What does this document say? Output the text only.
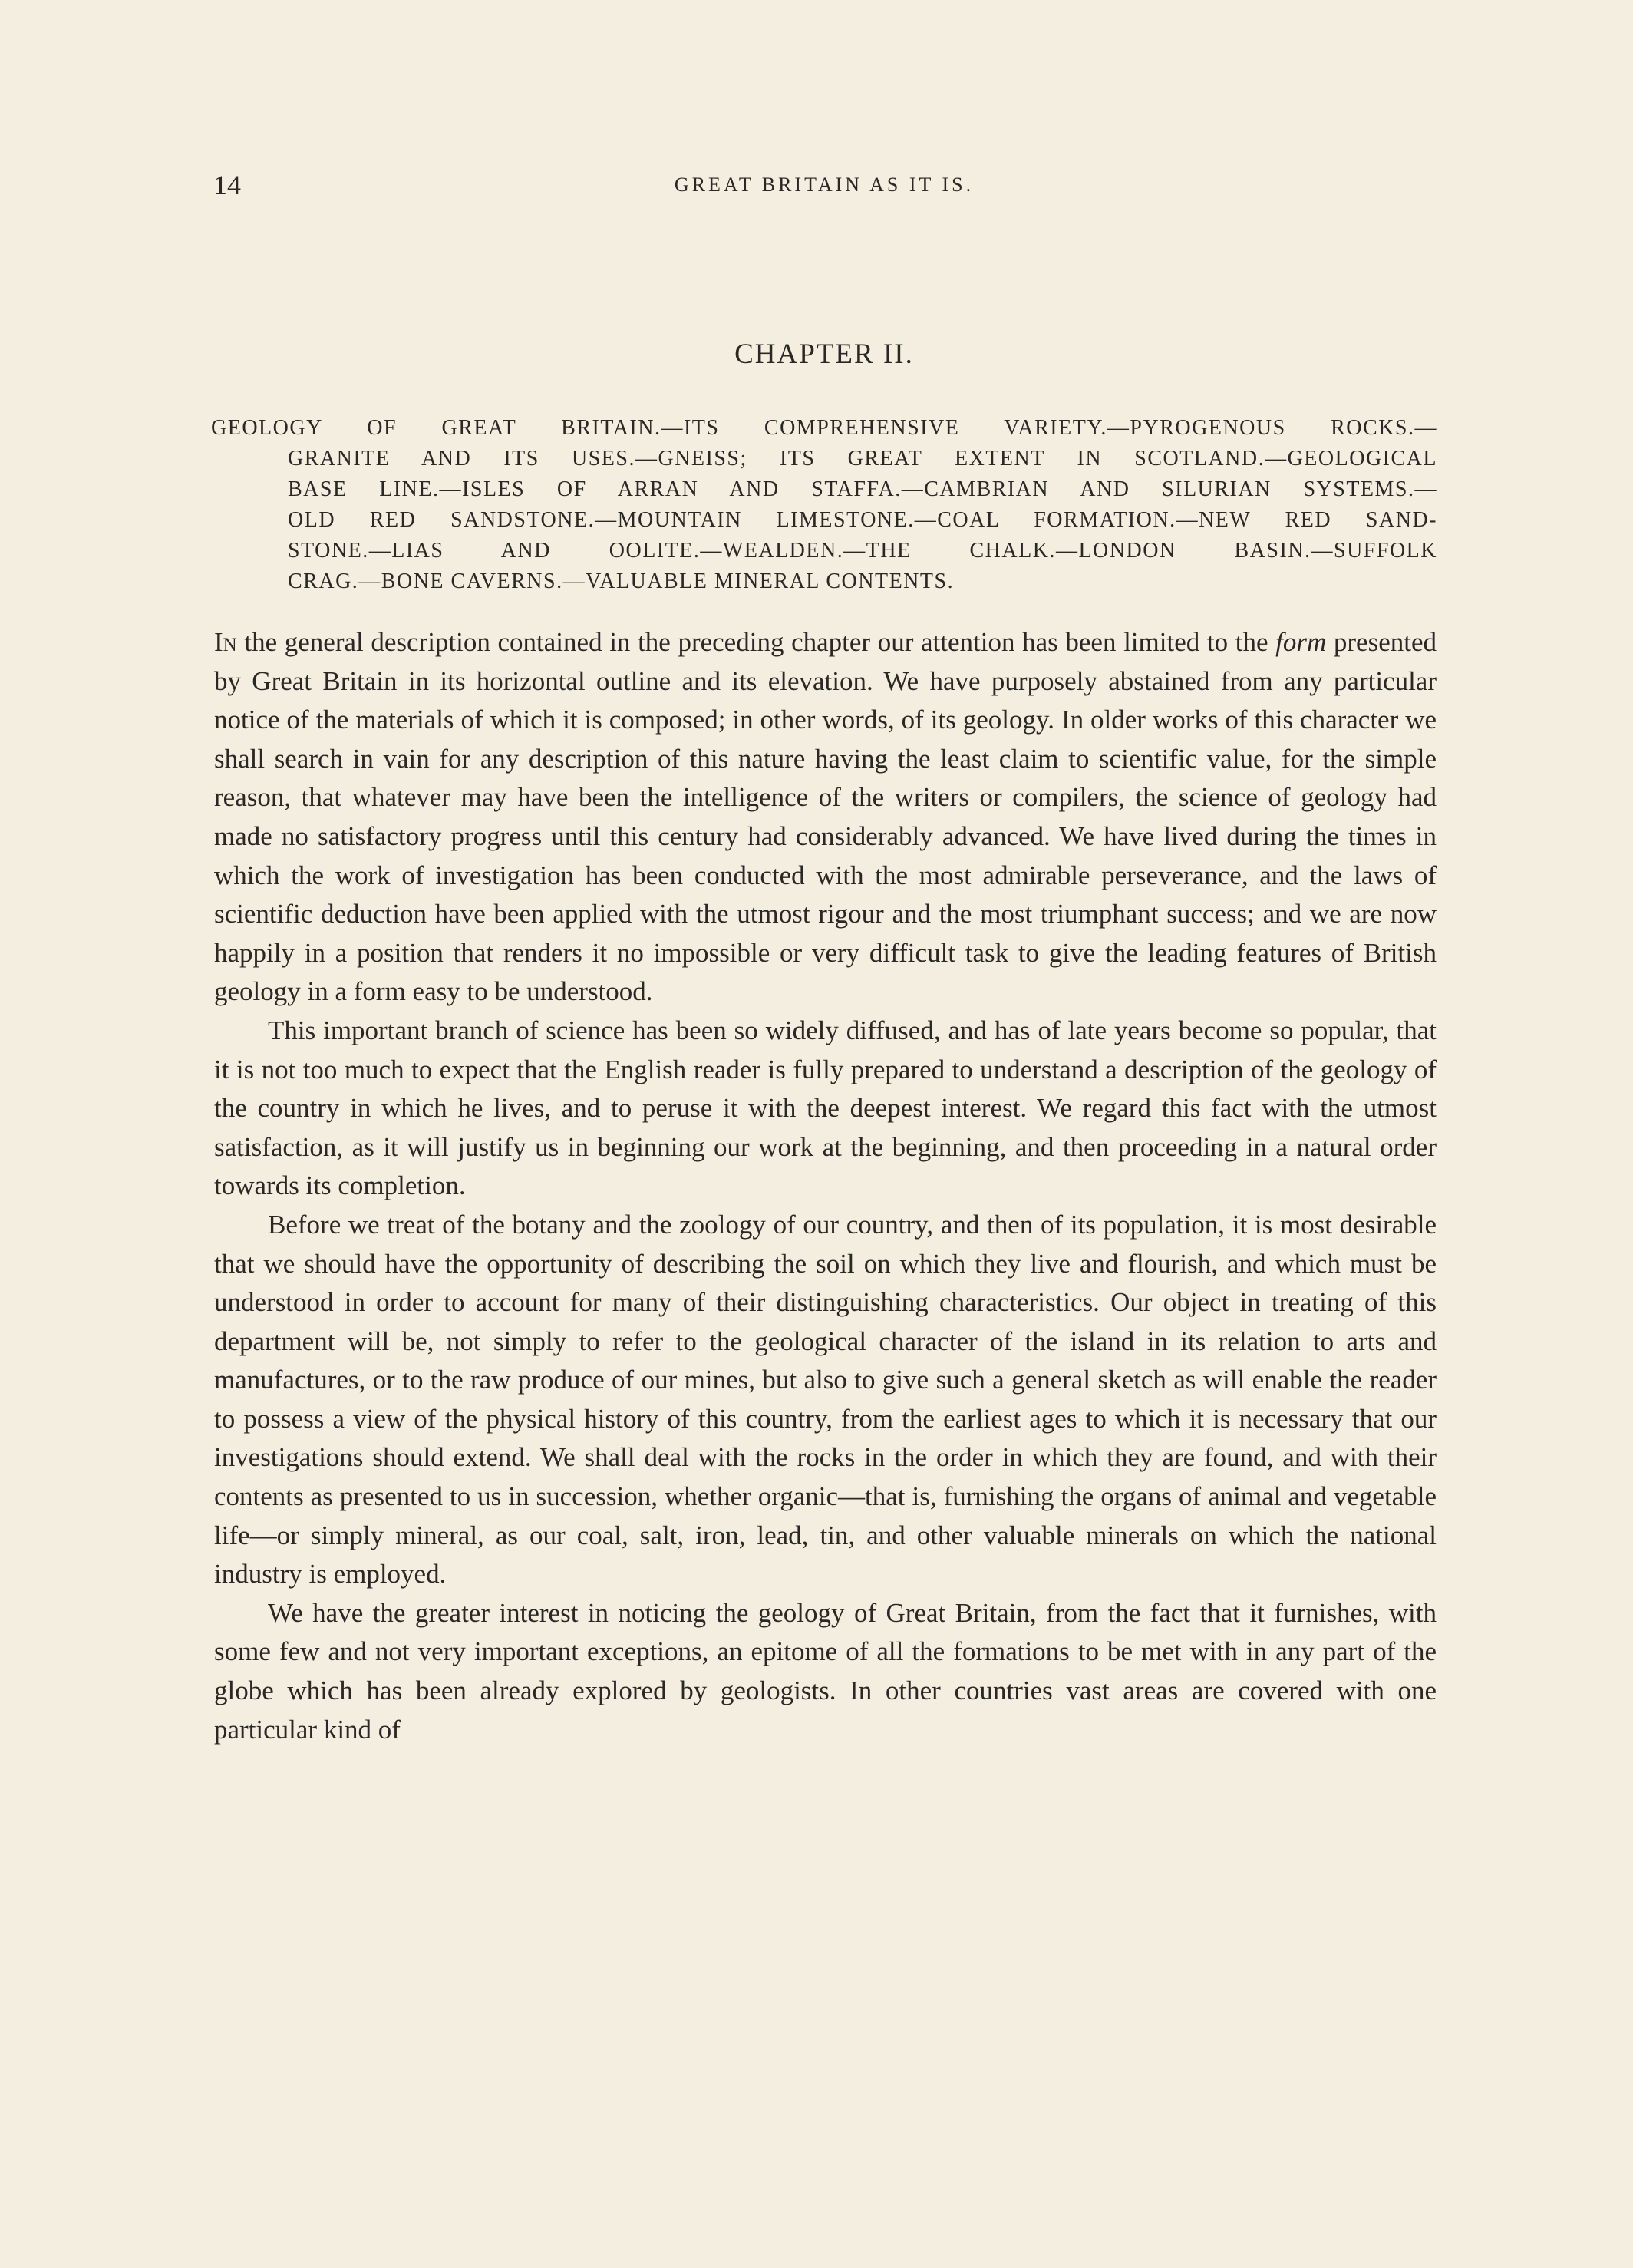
14	GREAT BRITAIN AS IT IS.
CHAPTER II.
GEOLOGY OF GREAT BRITAIN.—ITS COMPREHENSIVE VARIETY.—PYROGENOUS ROCKS.—
GRANITE AND ITS USES.—GNEISS; ITS GREAT EXTENT IN SCOTLAND.—GEOLOGICAL
BASE LINE.—ISLES OF ARRAN AND STAFFA.—CAMBRIAN AND SILURIAN SYSTEMS.—
OLD RED SANDSTONE.—MOUNTAIN LIMESTONE.—COAL FORMATION.—NEW RED SAND-
STONE.—LIAS AND OOLITE.—WEALDEN.—THE CHALK.—LONDON BASIN.—SUFFOLK
CRAG.—BONE CAVERNS.—VALUABLE MINERAL CONTENTS.

In the general description contained in the preceding chapter our attention has been limited to the form presented by Great Britain in its horizontal outline and its elevation. We have purposely abstained from any particular notice of the materials of which it is composed; in other words, of its geology. In older works of this character we shall search in vain for any description of this nature having the least claim to scientific value, for the simple reason, that whatever may have been the intelligence of the writers or compilers, the science of geology had made no satisfactory progress until this century had considerably advanced. We have lived during the times in which the work of investigation has been conducted with the most admirable perseverance, and the laws of scientific deduction have been applied with the utmost rigour and the most triumphant success; and we are now happily in a position that renders it no impossible or very difficult task to give the leading features of British geology in a form easy to be understood.

This important branch of science has been so widely diffused, and has of late years become so popular, that it is not too much to expect that the English reader is fully prepared to understand a description of the geology of the country in which he lives, and to peruse it with the deepest interest. We regard this fact with the utmost satisfaction, as it will justify us in beginning our work at the beginning, and then proceeding in a natural order towards its completion.

Before we treat of the botany and the zoology of our country, and then of its population, it is most desirable that we should have the opportunity of describing the soil on which they live and flourish, and which must be understood in order to account for many of their distinguishing characteristics. Our object in treating of this department will be, not simply to refer to the geological character of the island in its relation to arts and manufactures, or to the raw produce of our mines, but also to give such a general sketch as will enable the reader to possess a view of the physical history of this country, from the earliest ages to which it is necessary that our investigations should extend. We shall deal with the rocks in the order in which they are found, and with their contents as presented to us in succession, whether organic—that is, furnishing the organs of animal and vegetable life—or simply mineral, as our coal, salt, iron, lead, tin, and other valuable minerals on which the national industry is employed.

We have the greater interest in noticing the geology of Great Britain, from the fact that it furnishes, with some few and not very important exceptions, an epitome of all the formations to be met with in any part of the globe which has been already explored by geologists. In other countries vast areas are covered with one particular kind of
